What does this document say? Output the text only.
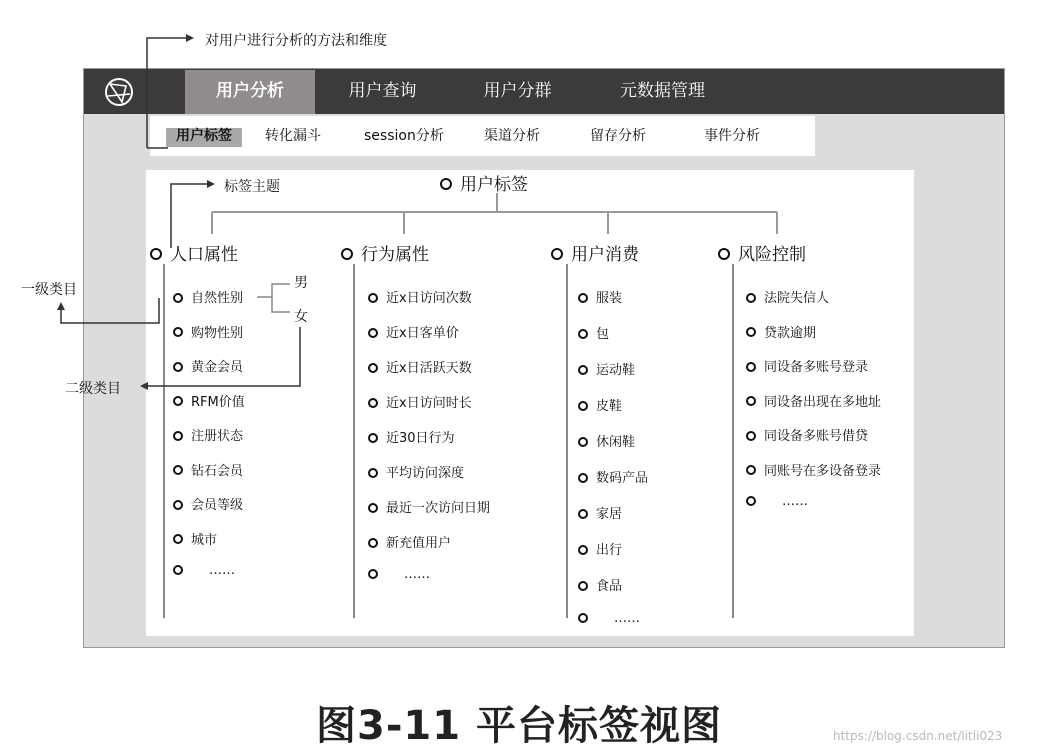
用户分析	用户查询	用户分群	元数据管理
用户标签	转化漏斗	session分析	渠道分析	留存分析	事件分析
对用户进行分析的方法和维度
标签主题
一级类目
二级类目
用户标签
人口属性	行为属性	用户消费	风险控制
男
女
自然性别
购物性别
黄金会员
RFM价值
注册状态
钻石会员
会员等级
城市
……
近x日访问次数
近x日客单价
近x日活跃天数
近x日访问时长
近30日行为
平均访问深度
最近一次访问日期
新充值用户
……
服装
包
运动鞋
皮鞋
休闲鞋
数码产品
家居
出行
食品
……
法院失信人
贷款逾期
同设备多账号登录
同设备出现在多地址
同设备多账号借贷
同账号在多设备登录
……
图3-11 平台标签视图	https://blog.csdn.net/litli023
